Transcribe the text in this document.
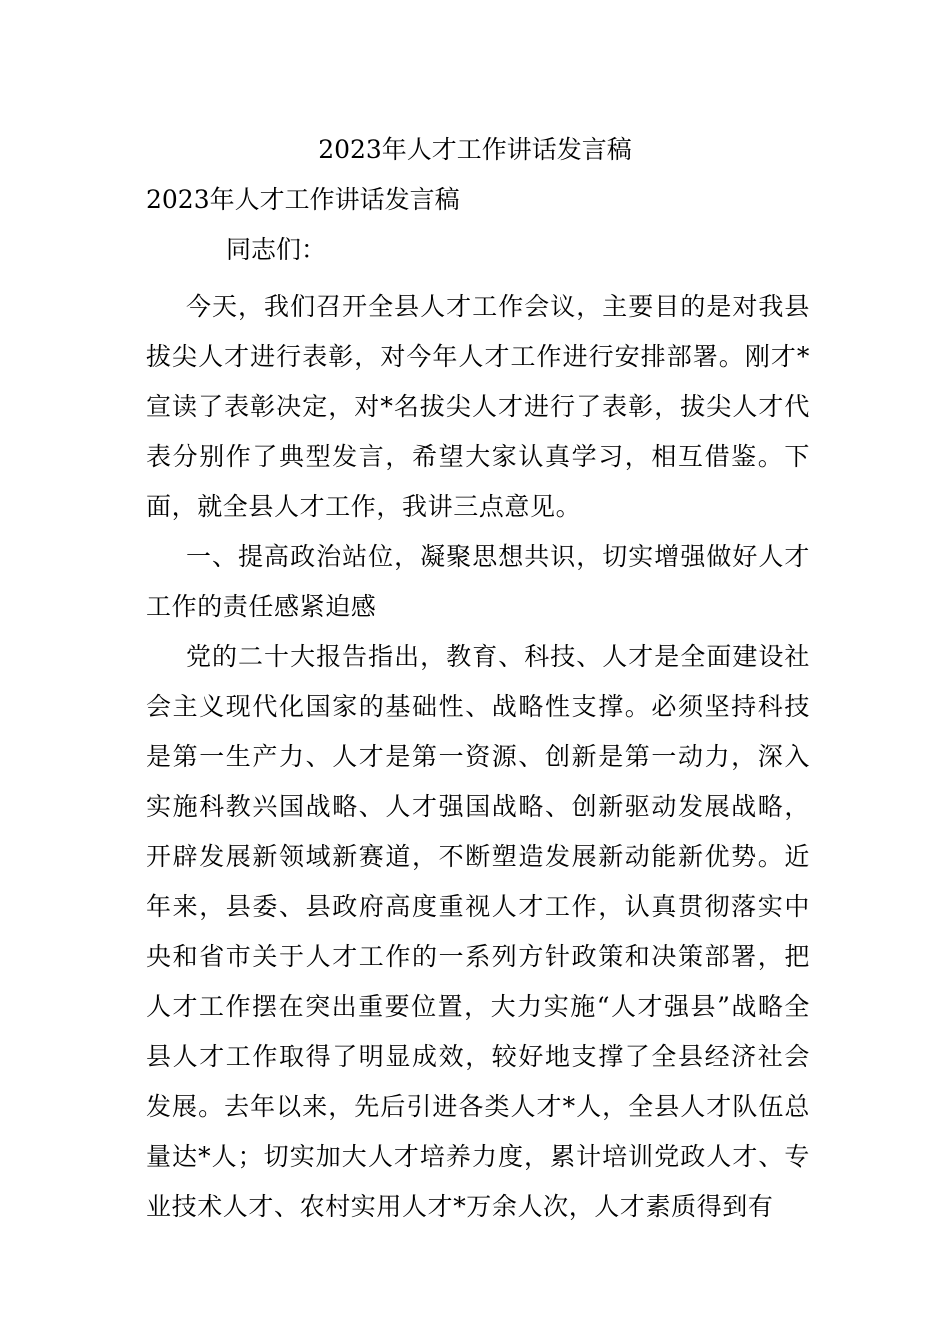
2023年人才工作讲话发言稿
2023年人才工作讲话发言稿
同志们：

今天，我们召开全县人才工作会议，主要目的是对我县拔尖人才进行表彰，对今年人才工作进行安排部署。刚才*宣读了表彰决定，对*名拔尖人才进行了表彰，拔尖人才代表分别作了典型发言，希望大家认真学习，相互借鉴。下面，就全县人才工作，我讲三点意见。

一、提高政治站位，凝聚思想共识，切实增强做好人才工作的责任感紧迫感

党的二十大报告指出，教育、科技、人才是全面建设社会主义现代化国家的基础性、战略性支撑。必须坚持科技是第一生产力、人才是第一资源、创新是第一动力，深入实施科教兴国战略、人才强国战略、创新驱动发展战略，开辟发展新领域新赛道，不断塑造发展新动能新优势。近年来，县委、县政府高度重视人才工作，认真贯彻落实中央和省市关于人才工作的一系列方针政策和决策部署，把人才工作摆在突出重要位置，大力实施“人才强县”战略全县人才工作取得了明显成效，较好地支撑了全县经济社会发展。去年以来，先后引进各类人才*人，全县人才队伍总量达*人；切实加大人才培养力度，累计培训党政人才、专业技术人才、农村实用人才*万余人次，人才素质得到有
